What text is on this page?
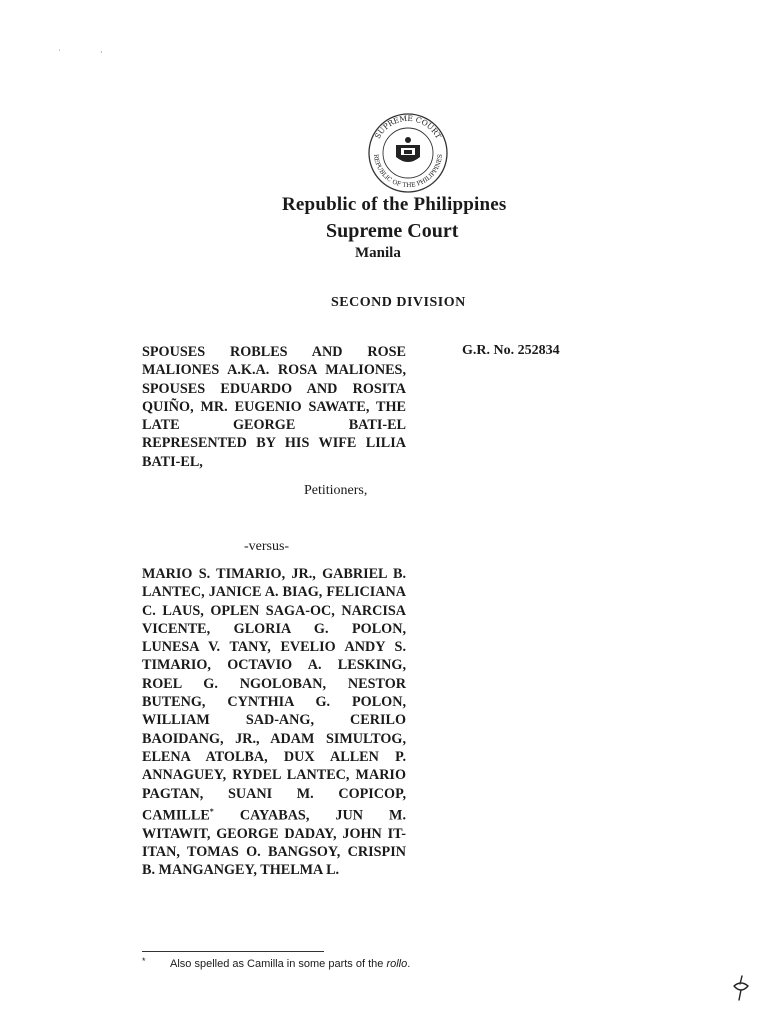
˙	·
SUPREME COURT
REPUBLIC OF THE PHILIPPINES
Republic of the Philippines
Supreme Court
Manila
SECOND DIVISION
G.R. No. 252834
SPOUSES ROBLES AND ROSE MALIONES A.K.A. ROSA MALIONES, SPOUSES EDUARDO AND ROSITA QUIÑO, MR. EUGENIO SAWATE, THE LATE GEORGE BATI-EL REPRESENTED BY HIS WIFE LILIA BATI-EL,
Petitioners,
-versus-
MARIO S. TIMARIO, JR., GABRIEL B. LANTEC, JANICE A. BIAG, FELICIANA C. LAUS, OPLEN SAGA-OC, NARCISA VICENTE, GLORIA G. POLON, LUNESA V. TANY, EVELIO ANDY S. TIMARIO, OCTAVIO A. LESKING, ROEL G. NGOLOBAN, NESTOR BUTENG, CYNTHIA G. POLON, WILLIAM SAD-ANG, CERILO BAOIDANG, JR., ADAM SIMULTOG, ELENA ATOLBA, DUX ALLEN P. ANNAGUEY, RYDEL LANTEC, MARIO PAGTAN, SUANI M. COPICOP, CAMILLE* CAYABAS, JUN M. WITAWIT, GEORGE DADAY, JOHN IT-ITAN, TOMAS O. BANGSOY, CRISPIN B. MANGANGEY, THELMA L.
* Also spelled as Camilla in some parts of the rollo.
